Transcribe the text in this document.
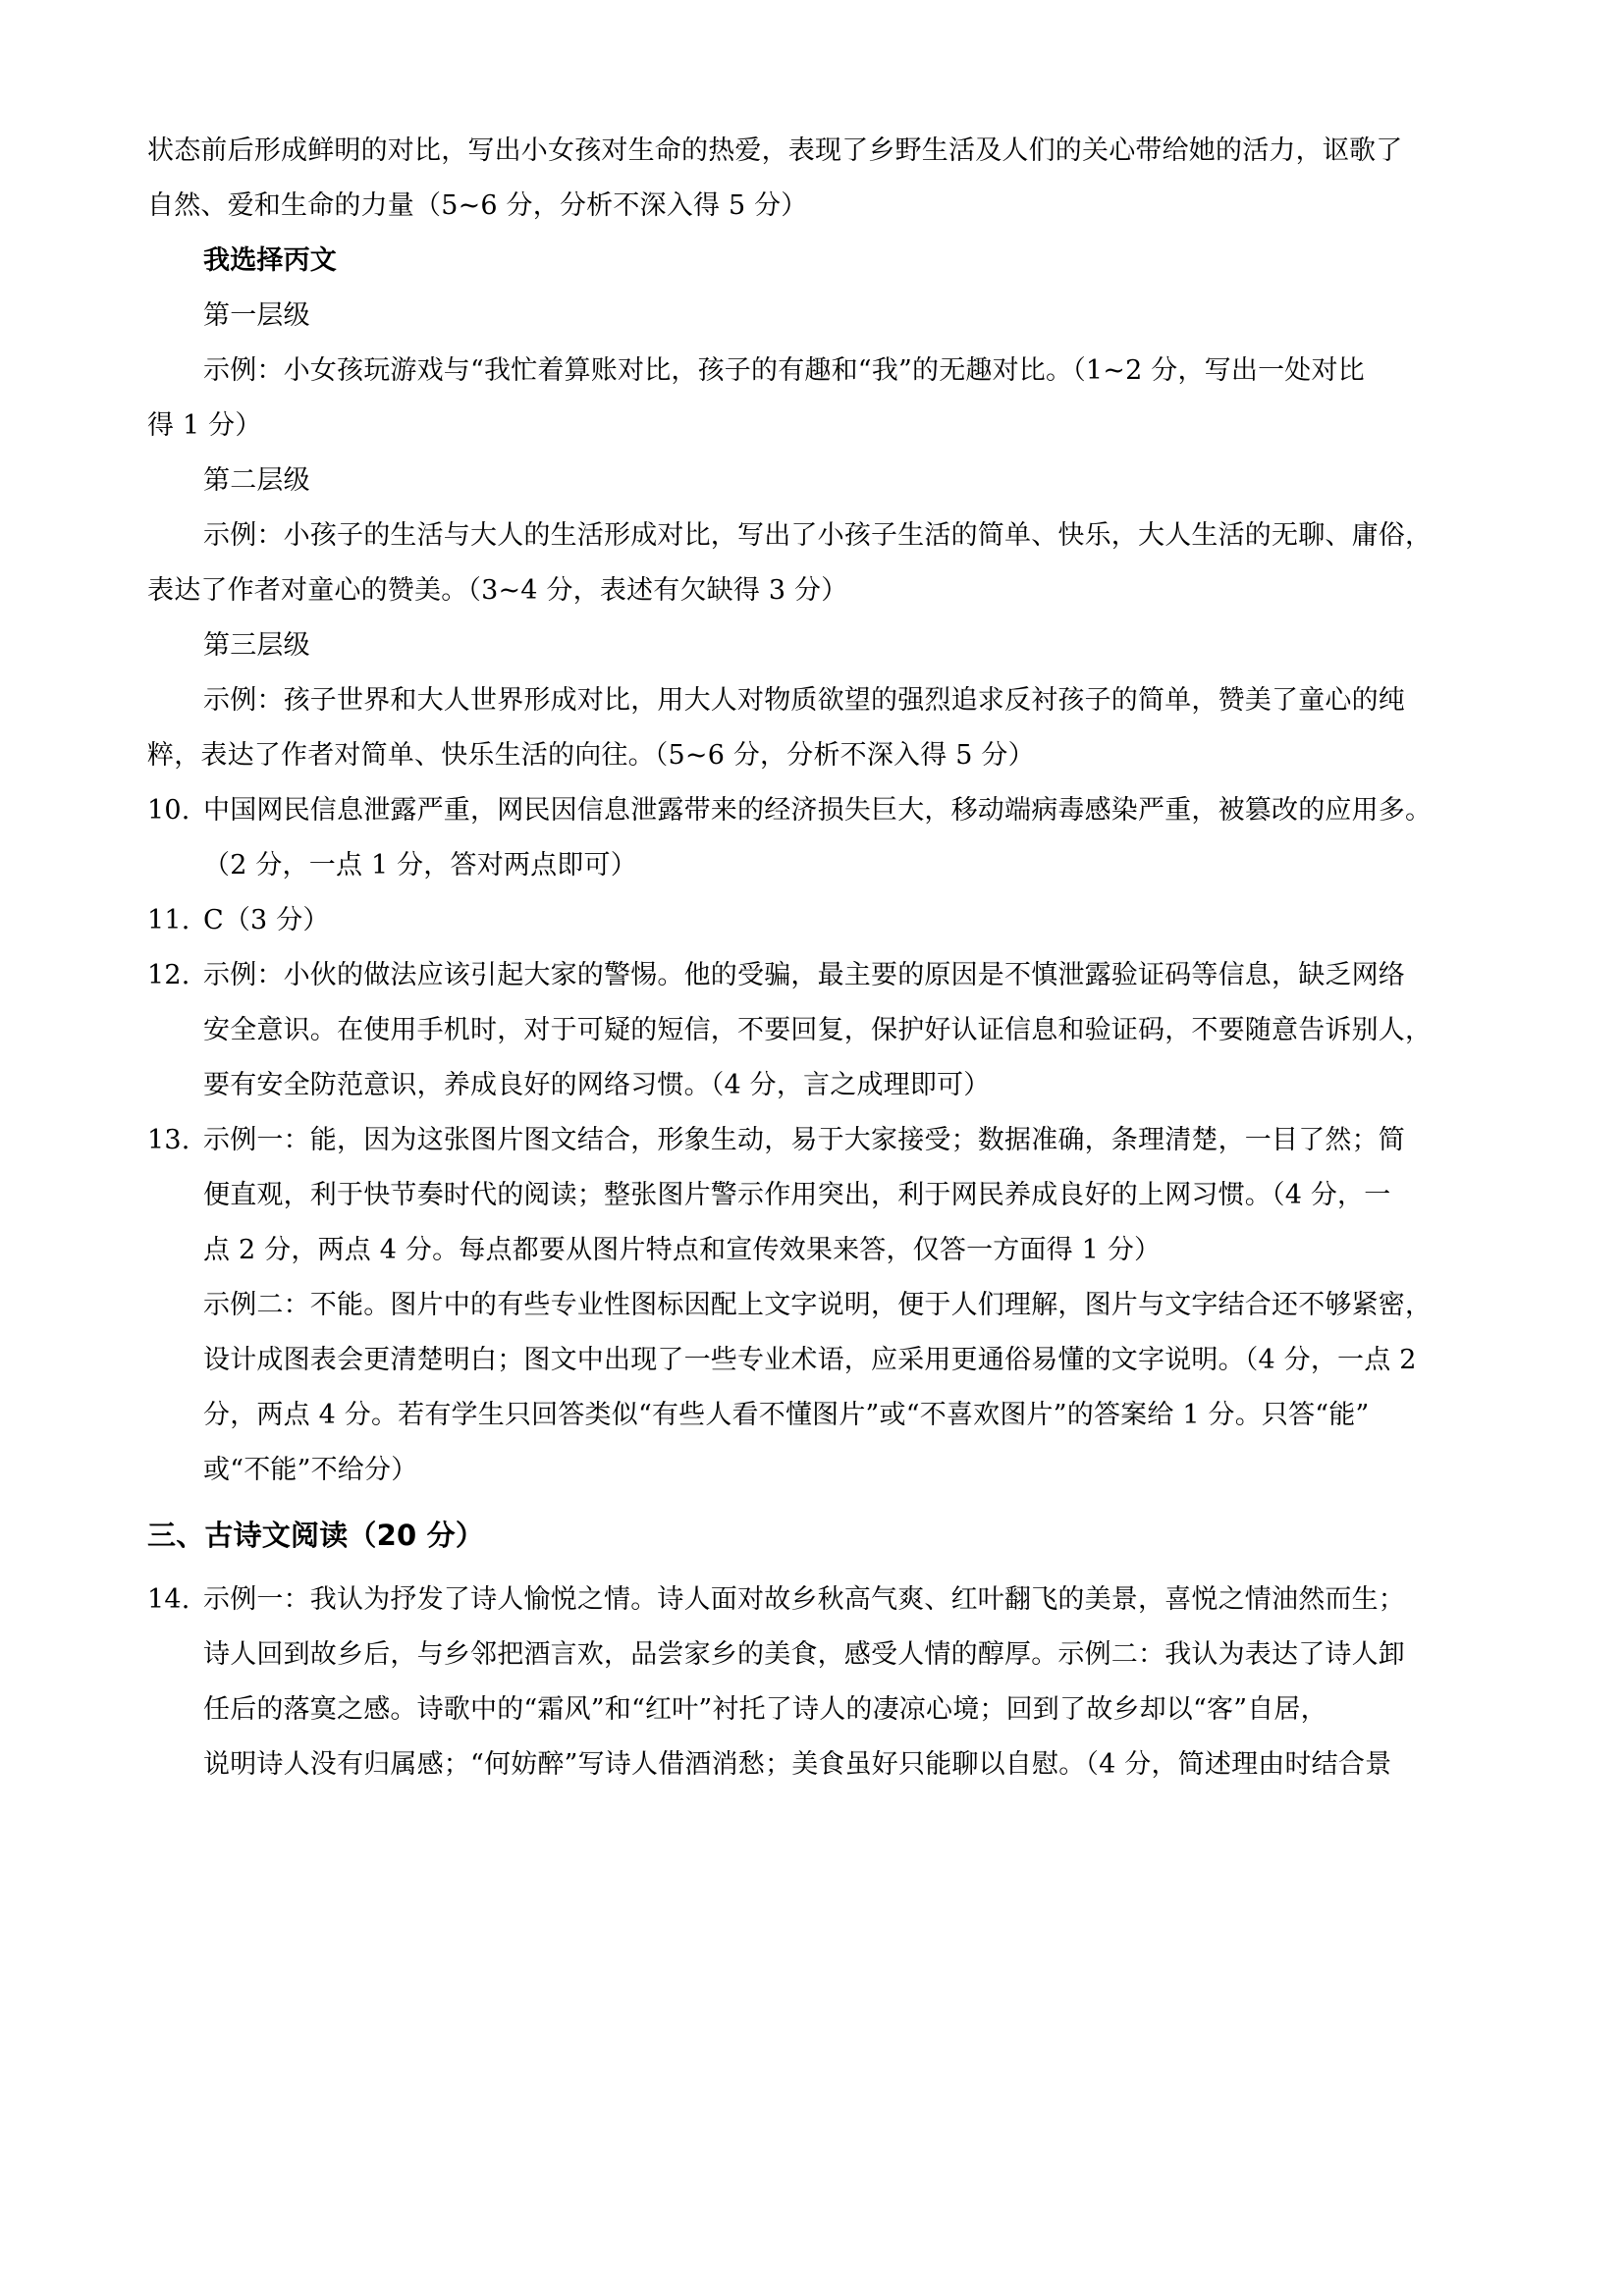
状态前后形成鲜明的对比，写出小女孩对生命的热爱，表现了乡野生活及人们的关心带给她的活力，讴歌了
自然、爱和生命的力量（5~6 分，分析不深入得 5 分）
我选择丙文
第一层级
示例：小女孩玩游戏与“我忙着算账对比，孩子的有趣和“我”的无趣对比。（1~2 分，写出一处对比
得 1 分）
第二层级
示例：小孩子的生活与大人的生活形成对比，写出了小孩子生活的简单、快乐，大人生活的无聊、庸俗，
表达了作者对童心的赞美。（3~4 分，表述有欠缺得 3 分）
第三层级
示例：孩子世界和大人世界形成对比，用大人对物质欲望的强烈追求反衬孩子的简单，赞美了童心的纯
粹，表达了作者对简单、快乐生活的向往。（5~6 分，分析不深入得 5 分）
10. 中国网民信息泄露严重，网民因信息泄露带来的经济损失巨大，移动端病毒感染严重，被篡改的应用多。
（2 分，一点 1 分，答对两点即可）
11. C（3 分）
12. 示例：小伙的做法应该引起大家的警惕。他的受骗，最主要的原因是不慎泄露验证码等信息，缺乏网络
安全意识。在使用手机时，对于可疑的短信，不要回复，保护好认证信息和验证码，不要随意告诉别人，
要有安全防范意识，养成良好的网络习惯。（4 分，言之成理即可）
13. 示例一：能，因为这张图片图文结合，形象生动，易于大家接受；数据准确，条理清楚，一目了然；简
便直观，利于快节奏时代的阅读；整张图片警示作用突出，利于网民养成良好的上网习惯。（4 分，一
点 2 分，两点 4 分。每点都要从图片特点和宣传效果来答，仅答一方面得 1 分）
示例二：不能。图片中的有些专业性图标因配上文字说明，便于人们理解，图片与文字结合还不够紧密，
设计成图表会更清楚明白；图文中出现了一些专业术语，应采用更通俗易懂的文字说明。（4 分，一点 2
分，两点 4 分。若有学生只回答类似“有些人看不懂图片”或“不喜欢图片”的答案给 1 分。只答“能”
或“不能”不给分）
三、古诗文阅读（20 分）
14. 示例一：我认为抒发了诗人愉悦之情。诗人面对故乡秋高气爽、红叶翻飞的美景，喜悦之情油然而生；
诗人回到故乡后，与乡邻把酒言欢，品尝家乡的美食，感受人情的醇厚。示例二：我认为表达了诗人卸
任后的落寞之感。诗歌中的“霜风”和“红叶”衬托了诗人的凄凉心境；回到了故乡却以“客”自居，
说明诗人没有归属感；“何妨醉”写诗人借酒消愁；美食虽好只能聊以自慰。（4 分，简述理由时结合景
